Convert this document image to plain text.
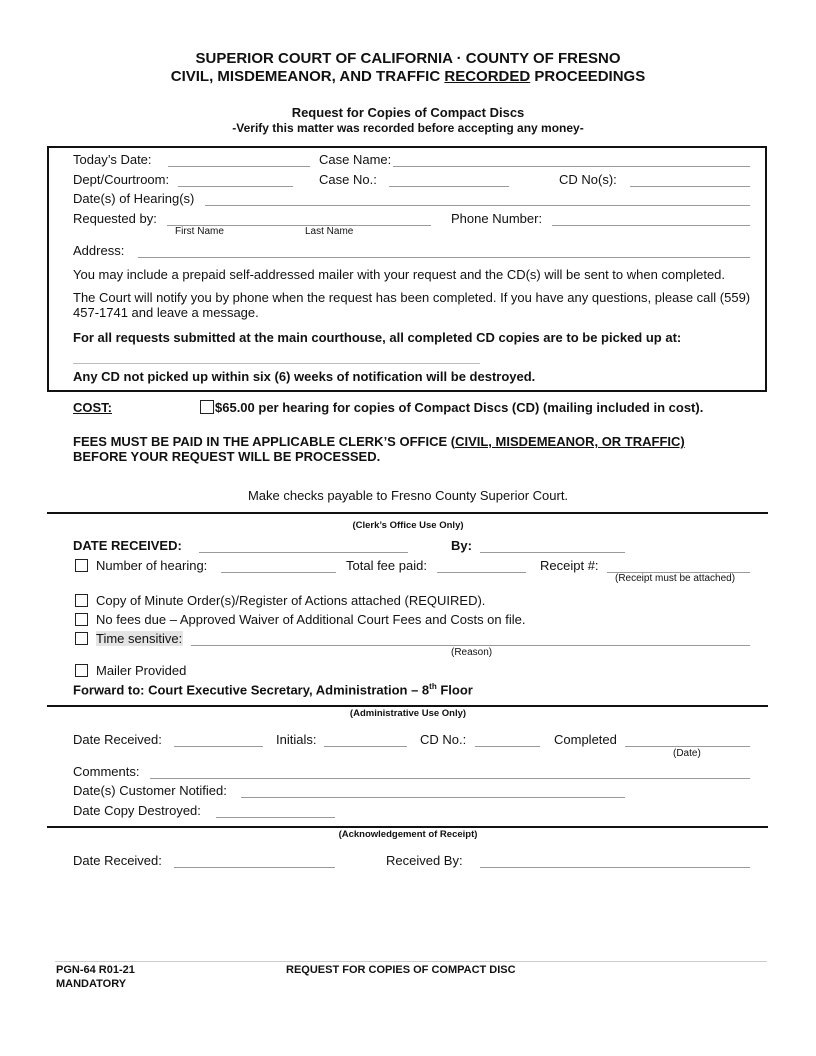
SUPERIOR COURT OF CALIFORNIA · COUNTY OF FRESNO
CIVIL, MISDEMEANOR, AND TRAFFIC RECORDED PROCEEDINGS
Request for Copies of Compact Discs
-Verify this matter was recorded before accepting any money-
Today’s Date:	Case Name:
Dept/Courtroom:	Case No.:	CD No(s):
Date(s) of Hearing(s)
Requested by:	Phone Number:
First Name	Last Name
Address:
You may include a prepaid self-addressed mailer with your request and the CD(s) will be sent to when completed.
The Court will notify you by phone when the request has been completed. If you have any questions, please call (559) 457-1741 and leave a message.
For all requests submitted at the main courthouse, all completed CD copies are to be picked up at:
Any CD not picked up within six (6) weeks of notification will be destroyed.
COST:	$65.00 per hearing for copies of Compact Discs (CD) (mailing included in cost).
FEES MUST BE PAID IN THE APPLICABLE CLERK’S OFFICE (CIVIL, MISDEMEANOR, OR TRAFFIC)
BEFORE YOUR REQUEST WILL BE PROCESSED.
Make checks payable to Fresno County Superior Court.
(Clerk’s Office Use Only)
DATE RECEIVED:	By:
Number of hearing:	Total fee paid:	Receipt #:
(Receipt must be attached)
Copy of Minute Order(s)/Register of Actions attached (REQUIRED).
No fees due – Approved Waiver of Additional Court Fees and Costs on file.
Time sensitive:
(Reason)
Mailer Provided
Forward to: Court Executive Secretary, Administration – 8th Floor
(Administrative Use Only)
Date Received:	Initials:	CD No.:	Completed
(Date)
Comments:
Date(s) Customer Notified:
Date Copy Destroyed:
(Acknowledgement of Receipt)
Date Received:	Received By:
PGN-64 R01-21
MANDATORY
REQUEST FOR COPIES OF COMPACT DISC
